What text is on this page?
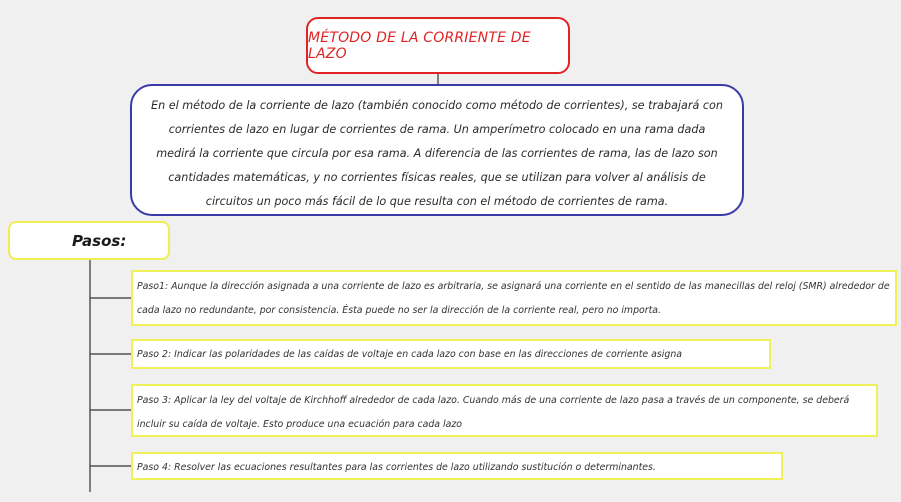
MÉTODO DE LA CORRIENTE DE LAZO
En el método de la corriente de lazo (también conocido como método de corrientes), se trabajará con corrientes de lazo en lugar de corrientes de rama. Un amperímetro colocado en una rama dada medirá la corriente que circula por esa rama. A diferencia de las corrientes de rama, las de lazo son cantidades matemáticas, y no corrientes físicas reales, que se utilizan para volver al análisis de circuitos un poco más fácil de lo que resulta con el método de corrientes de rama.
Pasos:
Paso1: Aunque la dirección asignada a una corriente de lazo es arbitraria, se asignará una corriente en el sentido de las manecillas del reloj (SMR) alrededor de cada lazo no redundante, por consistencia. Ésta puede no ser la dirección de la corriente real, pero no importa.
Paso 2: Indicar las polaridades de las caídas de voltaje en cada lazo con base en las direcciones de corriente asigna
Paso 3: Aplicar la ley del voltaje de Kirchhoff alrededor de cada lazo. Cuando más de una corriente de lazo pasa a través de un componente, se deberá incluir su caída de voltaje. Esto produce una ecuación para cada lazo
Paso 4: Resolver las ecuaciones resultantes para las corrientes de lazo utilizando sustitución o determinantes.
